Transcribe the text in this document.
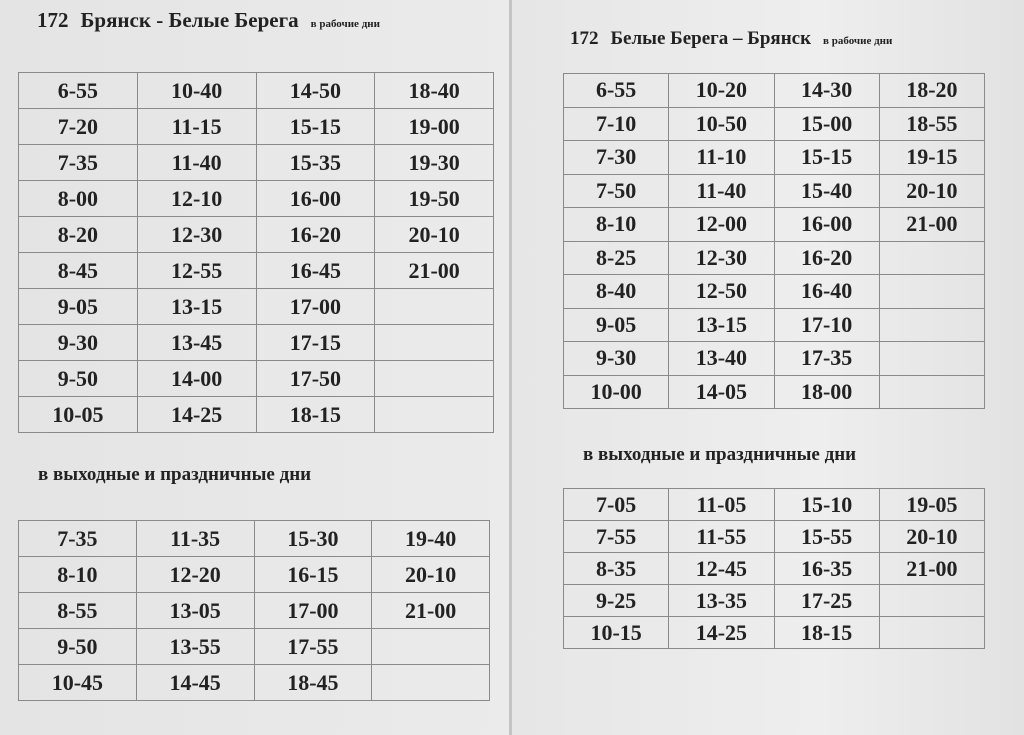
172 Брянск - Белые Берега в рабочие дни
6-55	10-40	14-50	18-40
7-20	11-15	15-15	19-00
7-35	11-40	15-35	19-30
8-00	12-10	16-00	19-50
8-20	12-30	16-20	20-10
8-45	12-55	16-45	21-00
9-05	13-15	17-00	
9-30	13-45	17-15	
9-50	14-00	17-50	
10-05	14-25	18-15	
в выходные и праздничные дни
7-35	11-35	15-30	19-40
8-10	12-20	16-15	20-10
8-55	13-05	17-00	21-00
9-50	13-55	17-55	
10-45	14-45	18-45	
172 Белые Берега – Брянск в рабочие дни
6-55	10-20	14-30	18-20
7-10	10-50	15-00	18-55
7-30	11-10	15-15	19-15
7-50	11-40	15-40	20-10
8-10	12-00	16-00	21-00
8-25	12-30	16-20	
8-40	12-50	16-40	
9-05	13-15	17-10	
9-30	13-40	17-35	
10-00	14-05	18-00	
в выходные и праздничные дни
7-05	11-05	15-10	19-05
7-55	11-55	15-55	20-10
8-35	12-45	16-35	21-00
9-25	13-35	17-25	
10-15	14-25	18-15	
